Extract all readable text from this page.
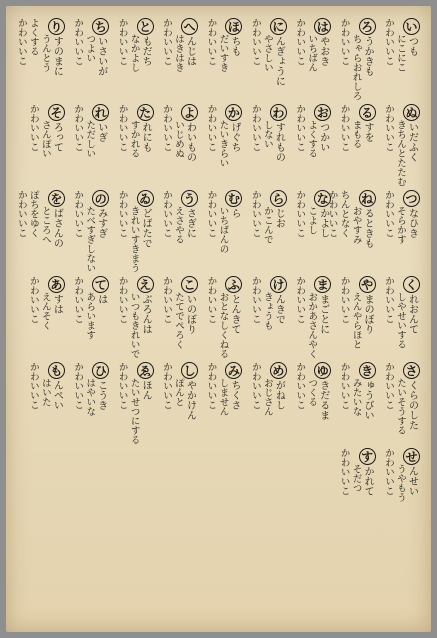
いつも
にこにこ
かわいいこ
ろうかきも
ちゃらおれしろ
かわいいこ
はやおき
いちばん
かわいいこ
にんぎょうに
やさしい
かわいいこ
ほちも
だいすき
かわいいこ
へんじは
はきはき
かわいいこ
ともだち
なかよし
かわいいこ
ちいさいが
つよい
かわいいこ
りすのまに
うんとう
よくする
かわいいこ
ぬいだふく
きちんとたたむ
かわいいこ
るすを
まもる
かわいいこ
おつかい
よくする
かわいいこ
わすれもの
しない
かわいいこ
かげぐち
たいきらい
かわいいこ
よわいもの
いじめぬ
かわいいこ
たれにも
すかれる
かわいいこ
れいぎ
ただしい
かわいいこ
そろって
さんぽい
かわいいこ
つなひき
そらかす
かわいいこ
ねるときも
おやすみ
ちんとなく
かわいいこ
なかよし
こよし
かわいいこ
らじお
かこんで
かわいいこ
むら
いちばんの
かわいいこ
うさぎに
えさやる
かわいいこ
ゐどばたで
きれいすきまう
かわいいこ
のみすぎ
たべすぎしない
かわいいこ
をばさんの
ところへ
ぽちをゆく
かわいいこ
くれおんて
しやせいする
かわいいこ
やまのぼり
えんやらほと
かわいいこ
ままごとに
おかあさんやく
かわいいこ
けんきで
きょうも
かわいいこ
ふとんきて
おとなしくねる
かわいいこ
こいのぼり
たてでぺろく
かわいいこ
えぶろんは
いつもきれいで
かわいいこ
ては
あらいます
かわいいこ
あすは
えんそく
かわいいこ
さくらのした
たいそうする
かわいいこ
きゅうびい
みたいな
かわいいこ
ゆきだるま
つくる
かわいいこ
めがねし
おじさん
かわいいこ
みちくさ
しません
かわいいこ
しやかけん
ぽんと
かわいいこ
ゑほん
たいせつにする
かわいいこ
ひこうき
はやいな
かわいいこ
もんぺい
はいた
かわいいこ
せんせい
うやもう
かわいいこ
すかれて
そだつ
かわいいこ
